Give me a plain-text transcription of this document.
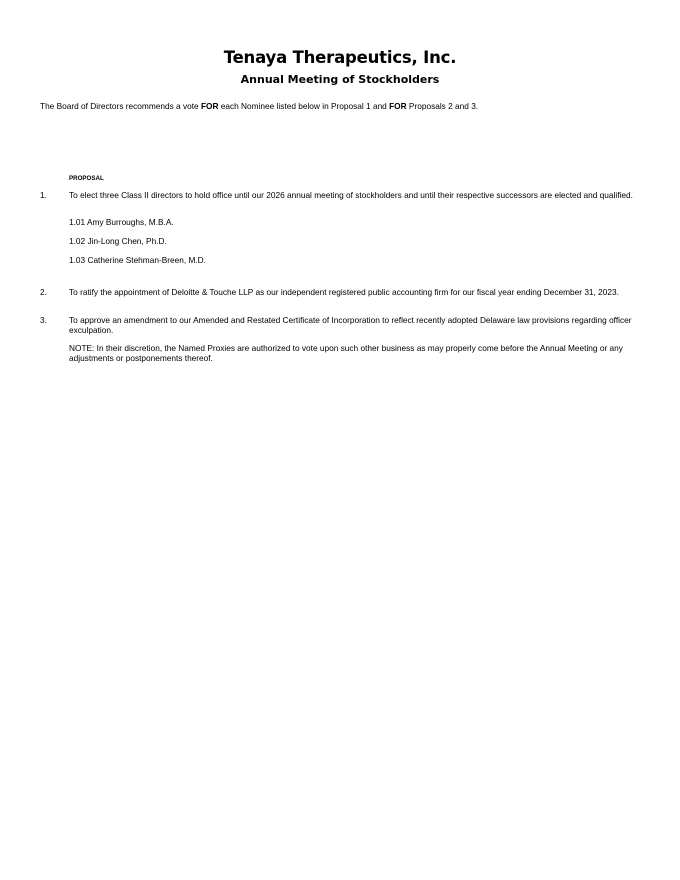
Tenaya Therapeutics, Inc.
Annual Meeting of Stockholders
The Board of Directors recommends a vote FOR each Nominee listed below in Proposal 1 and FOR Proposals 2 and 3.
PROPOSAL
1.	To elect three Class II directors to hold office until our 2026 annual meeting of stockholders and until their respective successors are elected and qualified.
1.01 Amy Burroughs, M.B.A.
1.02 Jin-Long Chen, Ph.D.
1.03 Catherine Stehman-Breen, M.D.
2.	To ratify the appointment of Deloitte & Touche LLP as our independent registered public accounting firm for our fiscal year ending December 31, 2023.
3.	To approve an amendment to our Amended and Restated Certificate of Incorporation to reflect recently adopted Delaware law provisions regarding officer exculpation.
NOTE: In their discretion, the Named Proxies are authorized to vote upon such other business as may properly come before the Annual Meeting or any adjustments or postponements thereof.
